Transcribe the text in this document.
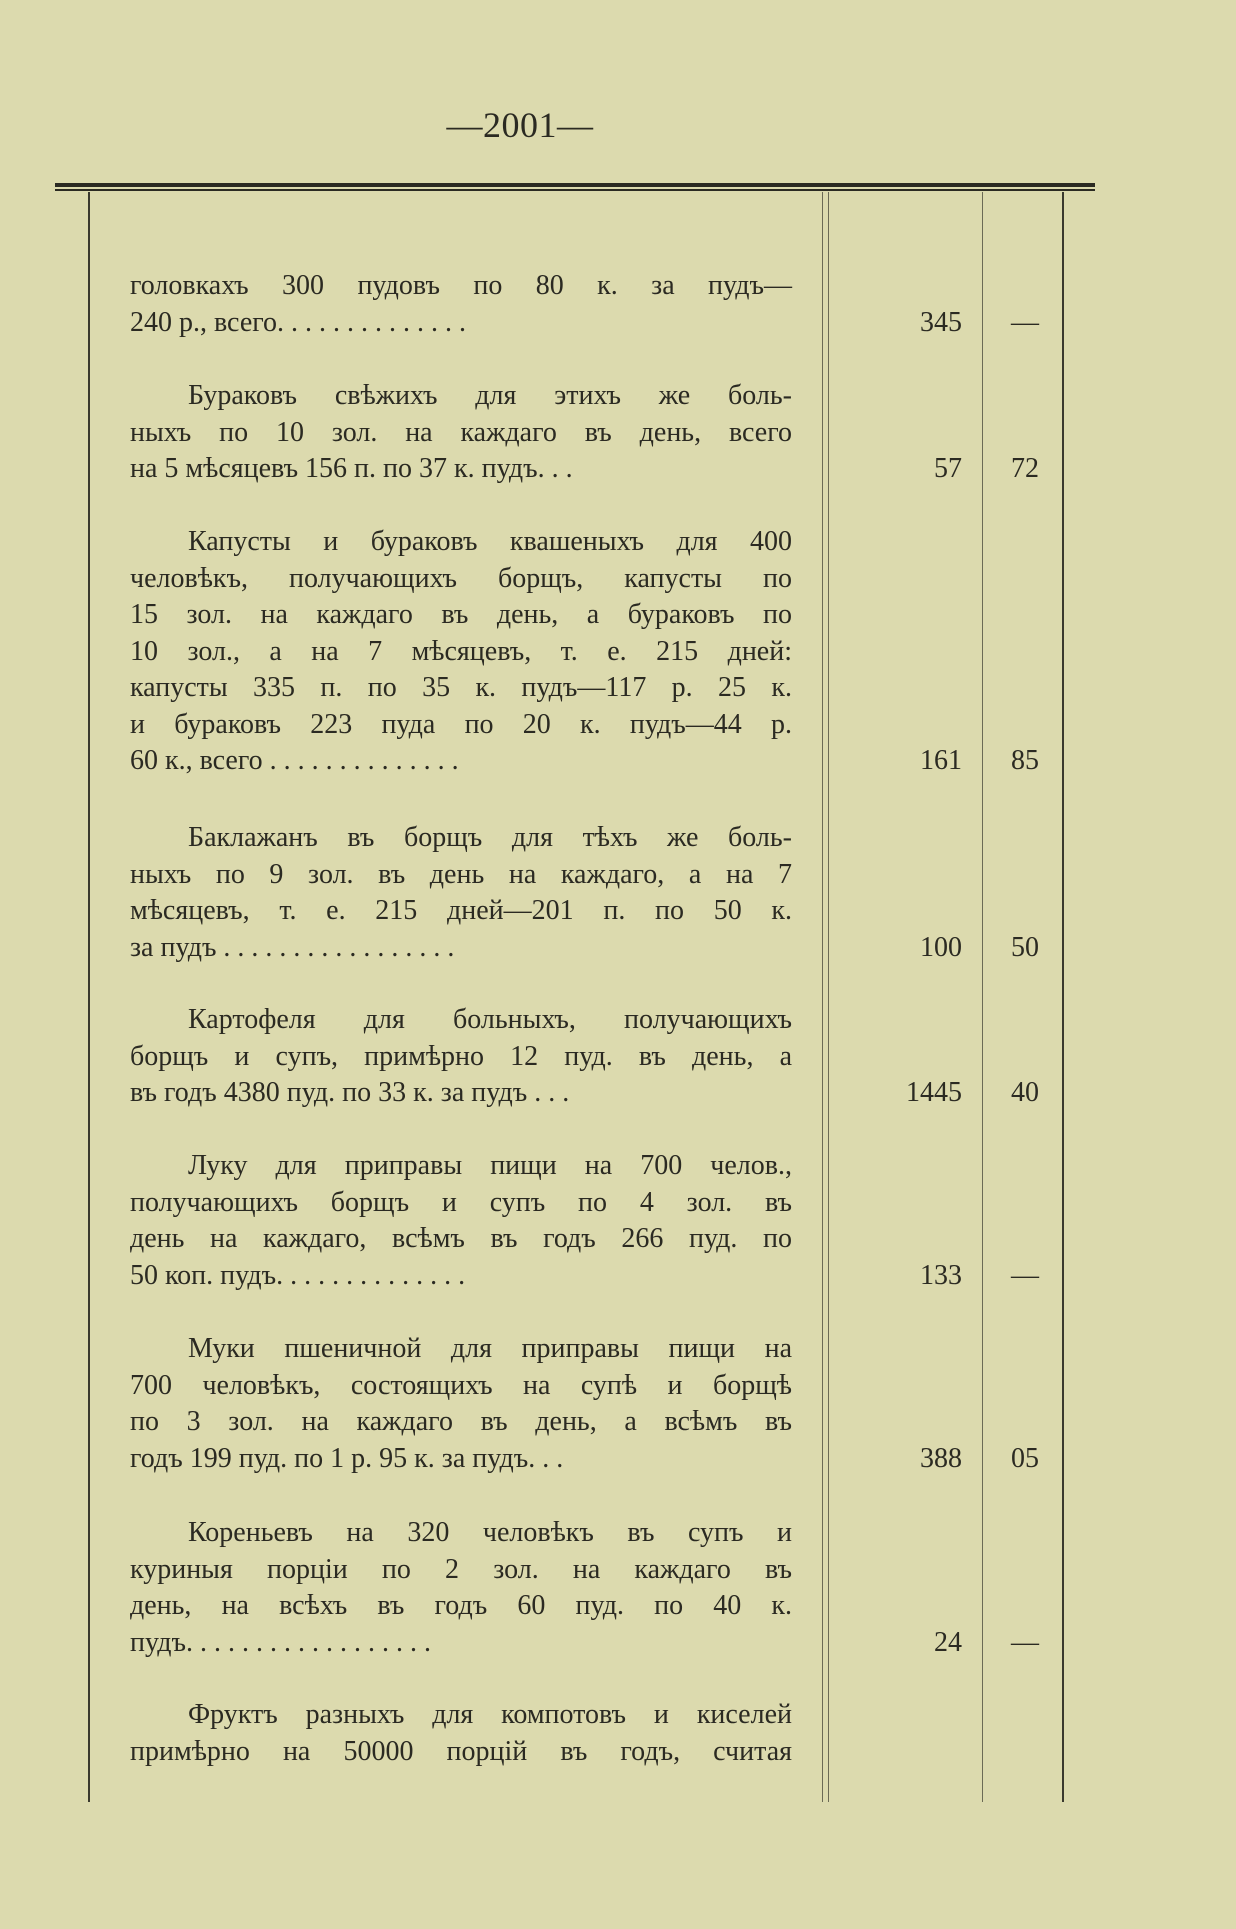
—2001—
головкахъ 300 пудовъ по 80 к. за пудъ—
240 р., всего. . . . . . . . . . . . . .	345	—
Бураковъ свѣжихъ для этихъ же боль-
ныхъ по 10 зол. на каждаго въ день, всего
на 5 мѣсяцевъ 156 п. по 37 к. пудъ. . .	57	72
Капусты и бураковъ квашеныхъ для 400
человѣкъ, получающихъ борщъ, капусты по
15 зол. на каждаго въ день, а бураковъ по
10 зол., а на 7 мѣсяцевъ, т. е. 215 дней:
капусты 335 п. по 35 к. пудъ—117 р. 25 к.
и бураковъ 223 пуда по 20 к. пудъ—44 р.
60 к., всего . . . . . . . . . . . . . .	161	85
Баклажанъ въ борщъ для тѣхъ же боль-
ныхъ по 9 зол. въ день на каждаго, а на 7
мѣсяцевъ, т. е. 215 дней—201 п. по 50 к.
за пудъ . . . . . . . . . . . . . . . . .	100	50
Картофеля для больныхъ, получающихъ
борщъ и супъ, примѣрно 12 пуд. въ день, а
въ годъ 4380 пуд. по 33 к. за пудъ . . .	1445	40
Луку для приправы пищи на 700 челов.,
получающихъ борщъ и супъ по 4 зол. въ
день на каждаго, всѣмъ въ годъ 266 пуд. по
50 коп. пудъ. . . . . . . . . . . . . .	133	—
Муки пшеничной для приправы пищи на
700 человѣкъ, состоящихъ на супѣ и борщѣ
по 3 зол. на каждаго въ день, а всѣмъ въ
годъ 199 пуд. по 1 р. 95 к. за пудъ. . .	388	05
Кореньевъ на 320 человѣкъ въ супъ и
куриныя порціи по 2 зол. на каждаго въ
день, на всѣхъ въ годъ 60 пуд. по 40 к.
пудъ. . . . . . . . . . . . . . . . . .	24	—
Фруктъ разныхъ для компотовъ и киселей
примѣрно на 50000 порцій въ годъ, считая
